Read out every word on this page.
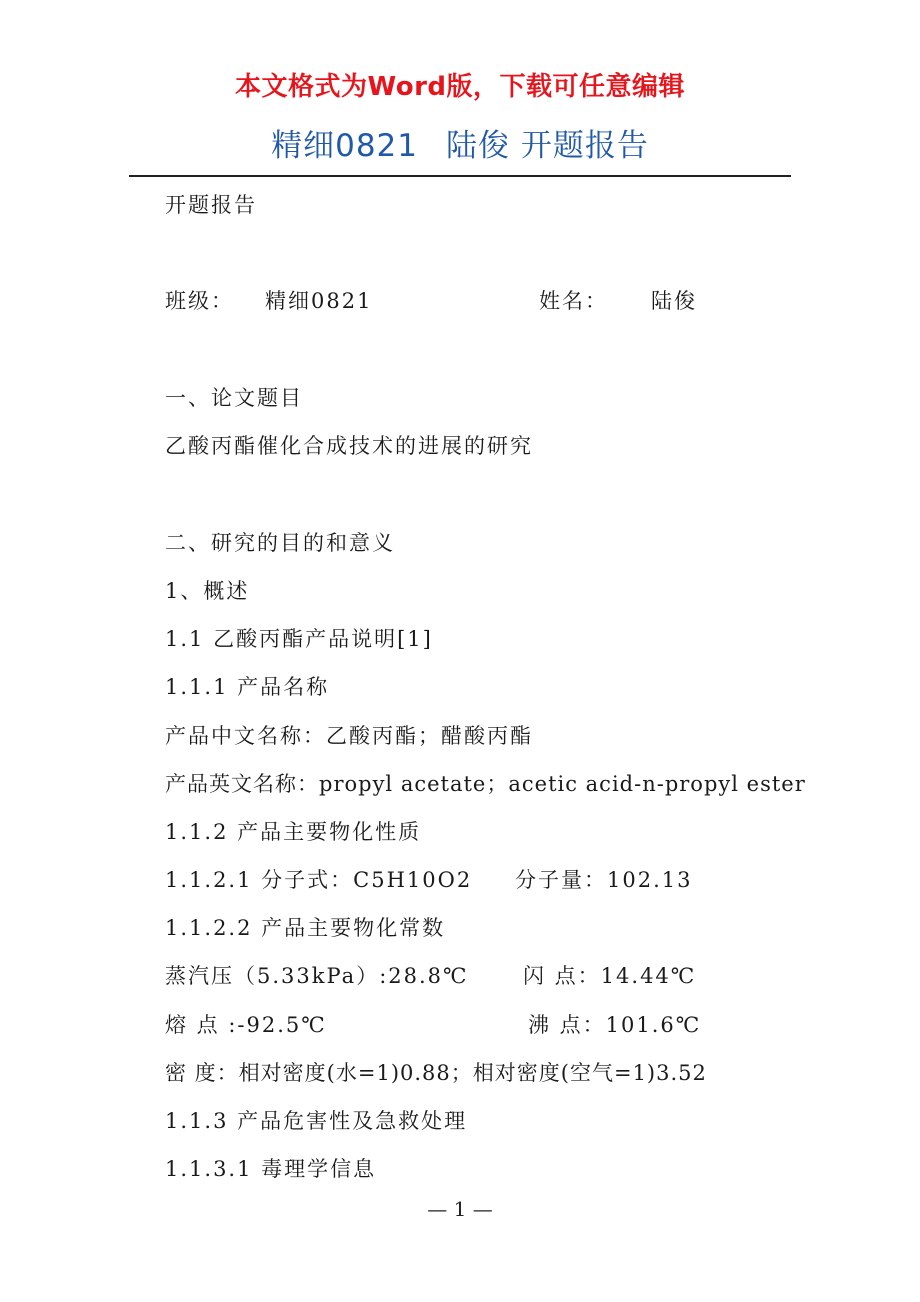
本文格式为Word版，下载可任意编辑
精细0821 陆俊 开题报告
开题报告
班级： 精细0821	姓名： 陆俊
一、论文题目
乙酸丙酯催化合成技术的进展的研究
二、研究的目的和意义
1、概述
1.1 乙酸丙酯产品说明[1]
1.1.1 产品名称
产品中文名称：乙酸丙酯；醋酸丙酯
产品英文名称：propyl acetate；acetic acid-n-propyl ester
1.1.2 产品主要物化性质
1.1.2.1 分子式：C5H10O2 分子量：102.13
1.1.2.2 产品主要物化常数
蒸汽压（5.33kPa）:28.8℃	闪 点：14.44℃
熔 点 :-92.5℃	沸 点：101.6℃
密 度：相对密度(水=1)0.88；相对密度(空气=1)3.52
1.1.3 产品危害性及急救处理
1.1.3.1 毒理学信息
— 1 —
